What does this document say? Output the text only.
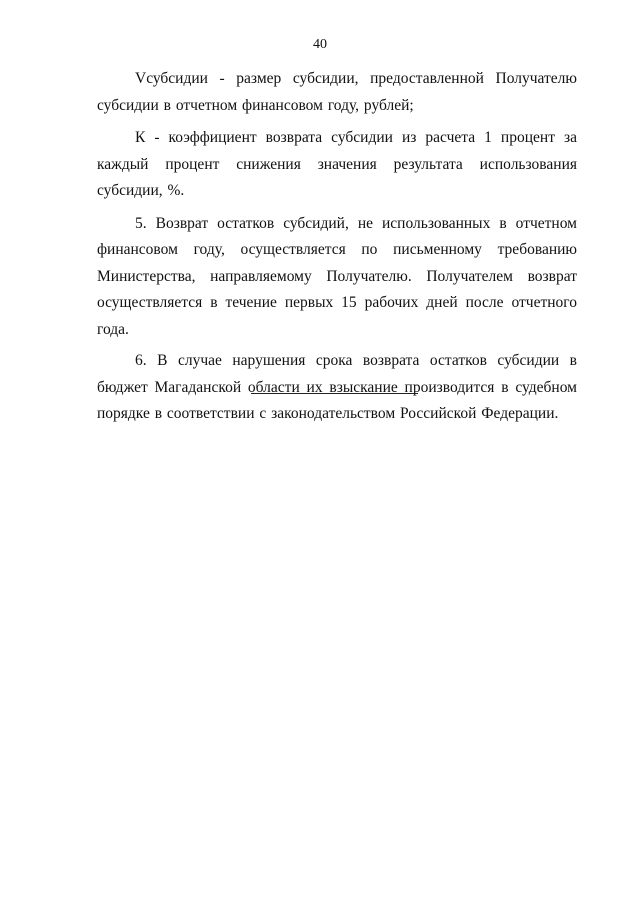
40

Vсубсидии - размер субсидии, предоставленной Получателю субсидии в отчетном финансовом году, рублей;

К - коэффициент возврата субсидии из расчета 1 процент за каждый процент снижения значения результата использования субсидии, %.

5. Возврат остатков субсидий, не использованных в отчетном финансовом году, осуществляется по письменному требованию Министерства, направляемому Получателю. Получателем возврат осуществляется в течение первых 15 рабочих дней после отчетного года.

6. В случае нарушения срока возврата остатков субсидии в бюджет Магаданской области их взыскание производится в судебном порядке в соответствии с законодательством Российской Федерации.
